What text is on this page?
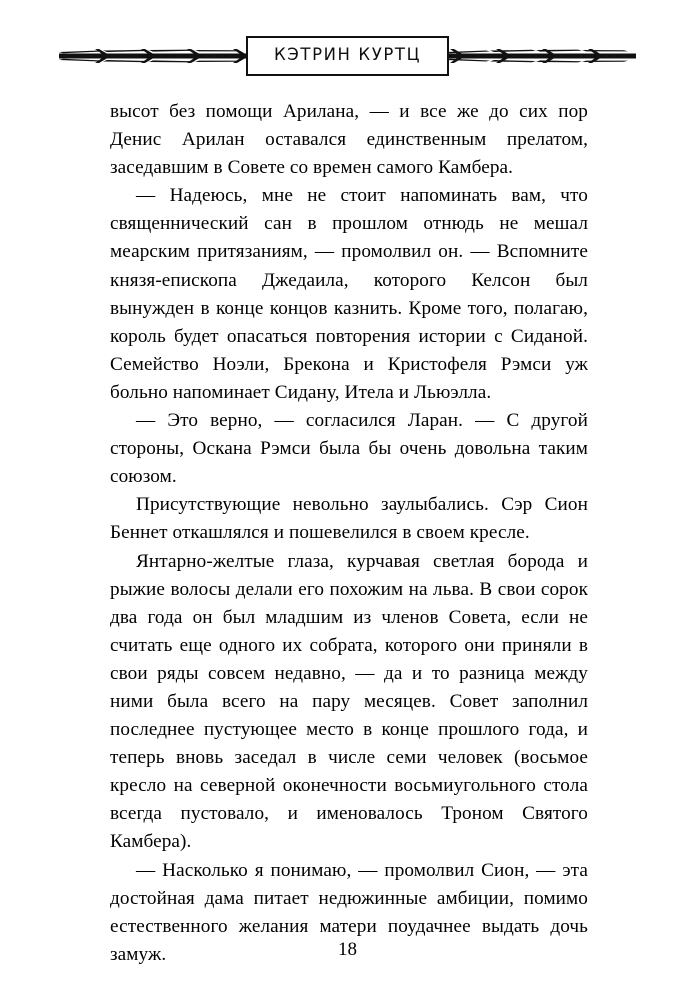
КЭТРИН КУРТЦ

высот без помощи Арилана, — и все же до сих пор Денис Арилан оставался единственным прелатом, заседавшим в Совете со времен самого Камбера.

— Надеюсь, мне не стоит напоминать вам, что священнический сан в прошлом отнюдь не мешал меарским притязаниям, — промолвил он. — Вспомните князя-епископа Джедаила, которого Келсон был вынужден в конце концов казнить. Кроме того, полагаю, король будет опасаться повторения истории с Сиданой. Семейство Ноэли, Брекона и Кристофеля Рэмси уж больно напоминает Сидану, Итела и Льюэлла.

— Это верно, — согласился Ларан. — С другой стороны, Оскана Рэмси была бы очень довольна таким союзом.

Присутствующие невольно заулыбались. Сэр Сион Беннет откашлялся и пошевелился в своем кресле.

Янтарно-желтые глаза, курчавая светлая борода и рыжие волосы делали его похожим на льва. В свои сорок два года он был младшим из членов Совета, если не считать еще одного их собрата, которого они приняли в свои ряды совсем недавно, — да и то разница между ними была всего на пару месяцев. Совет заполнил последнее пустующее место в конце прошлого года, и теперь вновь заседал в числе семи человек (восьмое кресло на северной оконечности восьмиугольного стола всегда пустовало, и именовалось Троном Святого Камбера).

— Насколько я понимаю, — промолвил Сион, — эта достойная дама питает недюжинные амбиции, помимо естественного желания матери поудачнее выдать дочь замуж.	18
